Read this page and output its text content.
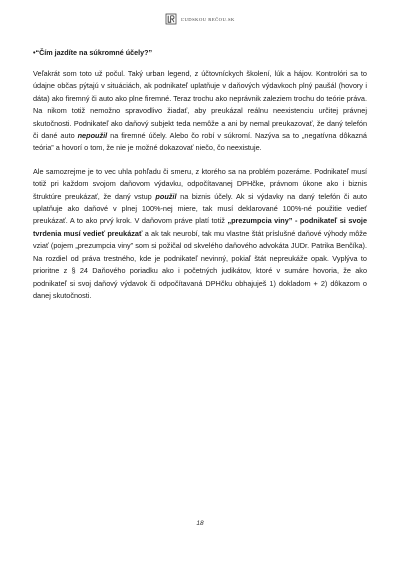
ĽUDSKOU REČOU.SK
•“Čím jazdíte na súkromné účely?”

Veľakrát som toto už počul. Taký urban legend, z účtovníckych školení, lúk a hájov. Kontrolóri sa to údajne občas pýtajú v situáciách, ak podnikateľ uplatňuje v daňových výdavkoch plný paušál (hovory i dáta) ako firemný či auto ako plne firemné. Teraz trochu ako neprávnik zaleziem trochu do teórie práva. Na nikom totiž nemožno spravodlivo žiadať, aby preukázal reálnu neexistenciu určitej právnej skutočnosti. Podnikateľ ako daňový subjekt teda nemôže a ani by nemal preukazovať, že daný telefón či dané auto nepoužil na firemné účely. Alebo čo robí v súkromí. Nazýva sa to „negatívna dôkazná teória” a hovorí o tom, že nie je možné dokazovať niečo, čo neexistuje.

Ale samozrejme je to vec uhla pohľadu či smeru, z ktorého sa na problém pozeráme. Podnikateľ musí totiž pri každom svojom daňovom výdavku, odpočítavanej DPHčke, právnom úkone ako i biznis štruktúre preukázať, že daný vstup použil na biznis účely. Ak si výdavky na daný telefón či auto uplatňuje ako daňové v plnej 100%-nej miere, tak musí deklarované 100%-né použitie vedieť preukázať. A to ako prvý krok. V daňovom práve platí totiž „prezumpcia viny” - podnikateľ si svoje tvrdenia musí vedieť preukázať a ak tak neurobí, tak mu vlastne štát príslušné daňové výhody môže vziať (pojem „prezumpcia viny” som si požičal od skvelého daňového advokáta JUDr. Patrika Benčíka). Na rozdiel od práva trestného, kde je podnikateľ nevinný, pokiaľ štát nepreukáže opak. Vyplýva to prioritne z § 24 Daňového poriadku ako i početných judikátov, ktoré v sumáre hovoria, že ako podnikateľ si svoj daňový výdavok či odpočítavaná DPHčku obhajuješ 1) dokladom + 2) dôkazom o danej skutočnosti.

18
